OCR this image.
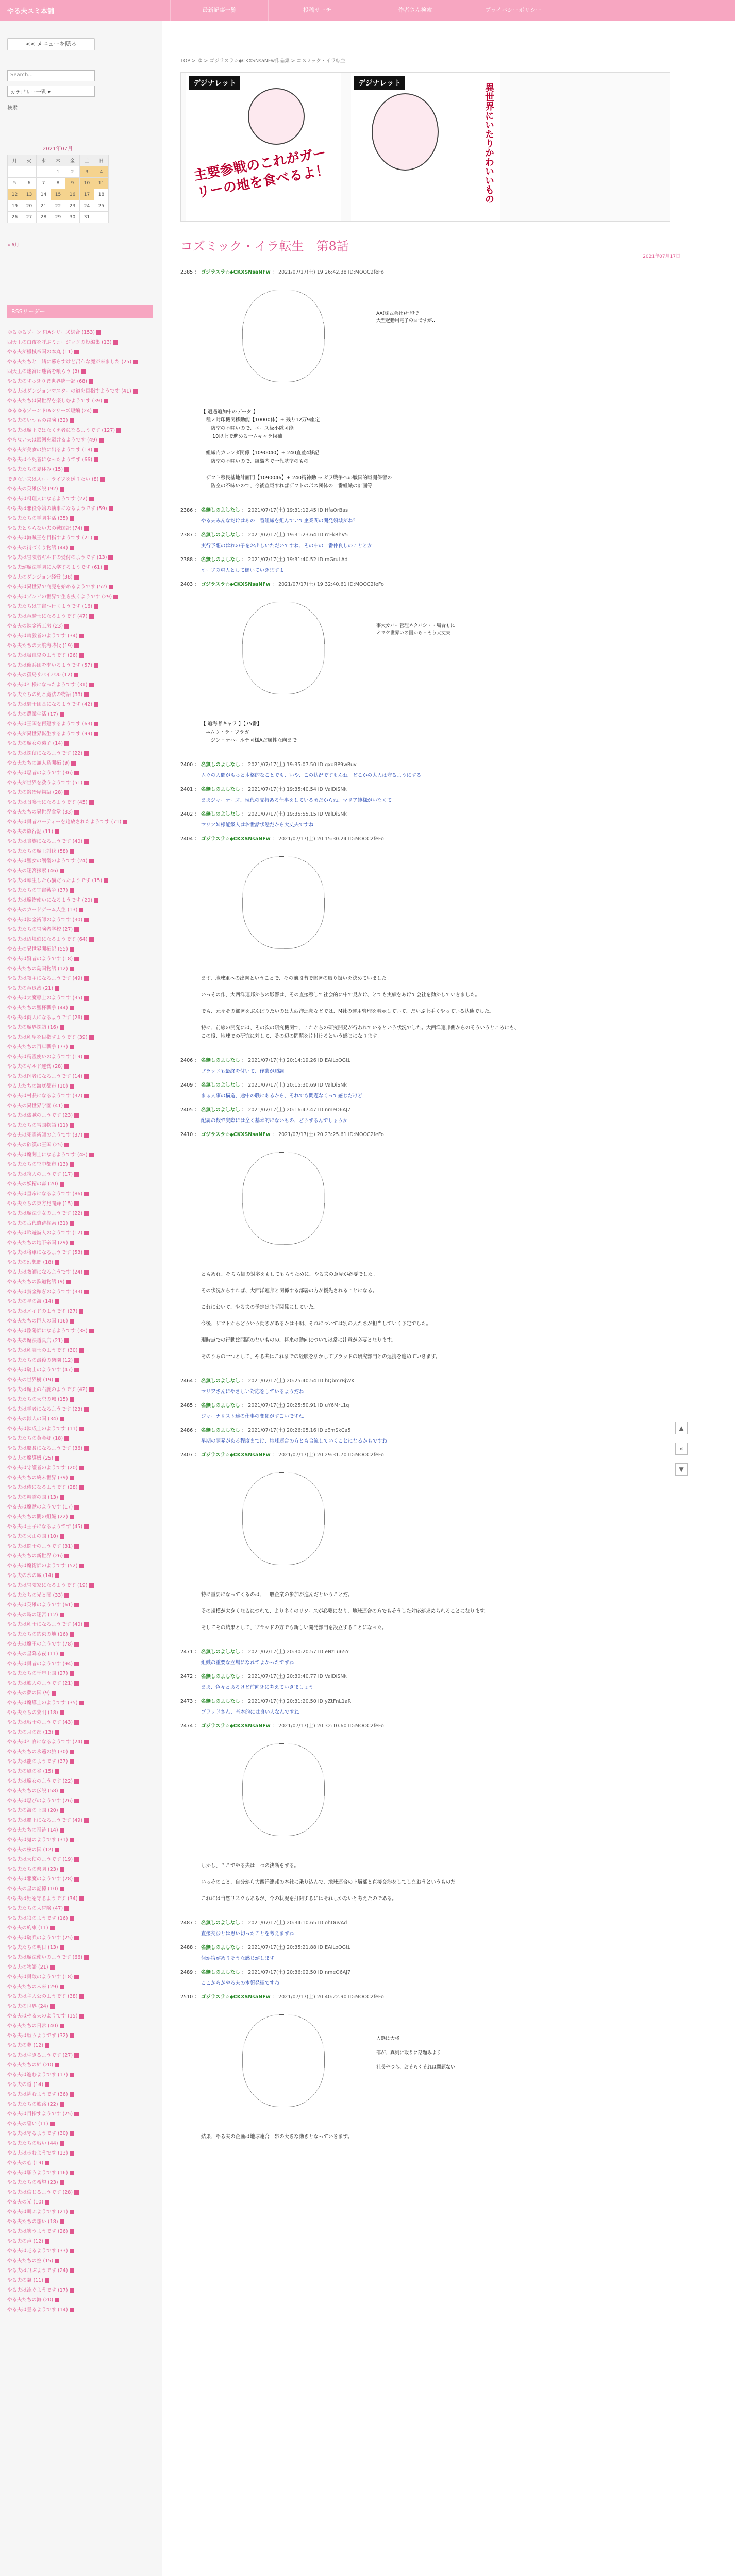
やる夫スミ本舗	最新記事一覧	投稿サーチ	作者さん検索	プライバシーポリシー
<< メニューを隠る
Search...
カテゴリー一覧 ▾
検索
2021年07月
月	火	水	木	金	土	日
			1	2	3	4
5	6	7	8	9	10	11
12	13	14	15	16	17	18
19	20	21	22	23	24	25
26	27	28	29	30	31	
« 6月
RSSリーダー
ゆるゆるゾーンドIAシリーズ総合 (153)
四天王の白夜を呼ぶミュージックの短編集 (13)
やる夫が機械帝国の本丸 (11)
やる夫たちと一緒に暮らすけど呂布な魔が来ました (25)
四天王の迷宮は迷宮を喰らう (3)
やる夫のすっきり異世界統一記 (68)
やる夫はダンジョンマスターの道を目指すようです (41)
やる夫たちは異世界を楽しむようです (39)
ゆるゆるゾーンドIAシリーズ短編 (24)
やる夫のいつもの冒険 (32)
やる夫は魔王ではなく勇者になるようです (127)
やらない夫は銀河を駆けるようです (49)
やる夫が美食の旅に出るようです (18)
やる夫は不死者になったようです (66)
やる夫たちの夏休み (15)
できない夫はスローライフを送りたい (8)
やる夫の英雄伝説 (92)
やる夫は料理人になるようです (27)
やる夫は悪役令嬢の執事になるようです (59)
やる夫たちの学園生活 (35)
やる夫とやらない夫の戦国記 (74)
やる夫は海賊王を目指すようです (21)
やる夫の街づくり物語 (44)
やる夫は冒険者ギルドの受付のようです (13)
やる夫が魔法学園に入学するようです (61)
やる夫のダンジョン経営 (38)
やる夫は異世界で商売を始めるようです (52)
やる夫はゾンビの世界で生き抜くようです (29)
やる夫たちは宇宙へ行くようです (16)
やる夫は竜騎士になるようです (47)
やる夫の錬金術工房 (23)
やる夫は暗殺者のようです (34)
やる夫たちの大航海時代 (19)
やる夫は吸血鬼のようです (26)
やる夫は傭兵団を率いるようです (57)
やる夫の孤島サバイバル (12)
やる夫は神様になったようです (31)
やる夫たちの剣と魔法の物語 (88)
やる夫は騎士団長になるようです (42)
やる夫の農業生活 (17)
やる夫は王国を再建するようです (63)
やる夫が異世界転生するようです (99)
やる夫の魔女の弟子 (14)
やる夫は探偵になるようです (22)
やる夫たちの無人島開拓 (9)
やる夫は忍者のようです (36)
やる夫が世界を救うようです (51)
やる夫の鍛冶屋物語 (28)
やる夫は召喚士になるようです (45)
やる夫たちの異世界食堂 (33)
やる夫は勇者パーティーを追放されたようです (71)
やる夫の旅行記 (11)
やる夫は貴族になるようです (40)
やる夫たちの魔王討伐 (58)
やる夫は聖女の護衛のようです (24)
やる夫の迷宮探索 (46)
やる夫は転生したら猫だったようです (15)
やる夫たちの宇宙戦争 (37)
やる夫は魔物使いになるようです (20)
やる夫のカードゲーム人生 (13)
やる夫は錬金術師のようです (30)
やる夫たちの冒険者学校 (27)
やる夫は辺境伯になるようです (64)
やる夫の異世界開拓記 (55)
やる夫は賢者のようです (18)
やる夫たちの島国物語 (12)
やる夫は領主になるようです (49)
やる夫の竜退治 (21)
やる夫は大魔導士のようです (35)
やる夫たちの聖杯戦争 (44)
やる夫は商人になるようです (26)
やる夫の魔界探訪 (16)
やる夫は剣聖を目指すようです (39)
やる夫たちの百年戦争 (73)
やる夫は精霊使いのようです (19)
やる夫のギルド運営 (28)
やる夫は医者になるようです (14)
やる夫たちの海底都市 (10)
やる夫は村長になるようです (32)
やる夫の異世界学園 (41)
やる夫は盗賊のようです (23)
やる夫たちの雪国物語 (11)
やる夫は死霊術師のようです (37)
やる夫の砂漠の王国 (25)
やる夫は魔剣士になるようです (48)
やる夫たちの空中都市 (13)
やる夫は狩人のようです (17)
やる夫の妖精の森 (20)
やる夫は皇帝になるようです (86)
やる夫たちの東方見聞録 (15)
やる夫は魔法少女のようです (22)
やる夫の古代遺跡探索 (31)
やる夫は吟遊詩人のようです (12)
やる夫たちの地下帝国 (29)
やる夫は将軍になるようです (53)
やる夫の幻想郷 (18)
やる夫は教師になるようです (24)
やる夫たちの鉄道物語 (9)
やる夫は賞金稼ぎのようです (33)
やる夫の星の海 (14)
やる夫はメイドのようです (27)
やる夫たちの巨人の国 (16)
やる夫は陰陽師になるようです (38)
やる夫の魔法道具店 (21)
やる夫は剣闘士のようです (30)
やる夫たちの最後の楽園 (12)
やる夫は騎士のようです (47)
やる夫の世界樹 (19)
やる夫は魔王の右腕のようです (42)
やる夫たちの天空の城 (15)
やる夫は学者になるようです (23)
やる夫の獣人の国 (34)
やる夫は錬成士のようです (11)
やる夫たちの黄金郷 (18)
やる夫は船長になるようです (36)
やる夫の魔導機 (25)
やる夫は守護者のようです (20)
やる夫たちの終末世界 (39)
やる夫は侍になるようです (28)
やる夫の精霊の国 (13)
やる夫は魔獣のようです (17)
やる夫たちの闇の組織 (22)
やる夫は王子になるようです (45)
やる夫の火山の国 (10)
やる夫は闘士のようです (31)
やる夫たちの新世界 (26)
やる夫は魔術師のようです (52)
やる夫の氷の城 (14)
やる夫は冒険家になるようです (19)
やる夫たちの光と闇 (33)
やる夫は英雄のようです (61)
やる夫の時の迷宮 (12)
やる夫は剣士になるようです (40)
やる夫たちの約束の地 (16)
やる夫は魔王のようです (78)
やる夫の星降る夜 (11)
やる夫は勇者のようです (94)
やる夫たちの千年王国 (27)
やる夫は旅人のようです (21)
やる夫の夢の国 (9)
やる夫は魔導士のようです (35)
やる夫たちの黎明 (18)
やる夫は戦士のようです (43)
やる夫の月の都 (13)
やる夫は神官になるようです (24)
やる夫たちの永遠の旅 (30)
やる夫は龍のようです (37)
やる夫の風の谷 (15)
やる夫は魔女のようです (22)
やる夫たちの伝説 (58)
やる夫は忍びのようです (26)
やる夫の海の王国 (20)
やる夫は覇王になるようです (49)
やる夫たちの奇跡 (14)
やる夫は鬼のようです (31)
やる夫の桜の国 (12)
やる夫は天使のようです (19)
やる夫たちの楽園 (23)
やる夫は悪魔のようです (28)
やる夫の星の記憶 (10)
やる夫は姫を守るようです (34)
やる夫たちの大冒険 (47)
やる夫は狼のようです (16)
やる夫の約束 (11)
やる夫は騎兵のようです (25)
やる夫たちの明日 (13)
やる夫は魔法使いのようです (66)
やる夫の物語 (21)
やる夫は勇敢のようです (18)
やる夫たちの未来 (29)
やる夫は主人公のようです (38)
やる夫の世界 (24)
やる夫はやる夫のようです (15)
やる夫たちの日常 (40)
やる夫は戦うようです (32)
やる夫の夢 (12)
やる夫は生きるようです (27)
やる夫たちの絆 (20)
やる夫は進むようです (17)
やる夫の道 (14)
やる夫は挑むようです (36)
やる夫たちの旅路 (22)
やる夫は目指すようです (25)
やる夫の誓い (11)
やる夫は守るようです (30)
やる夫たちの戦い (44)
やる夫は歩むようです (13)
やる夫の心 (19)
やる夫は願うようです (16)
やる夫たちの希望 (23)
やる夫は信じるようです (28)
やる夫の光 (10)
やる夫は叫ぶようです (21)
やる夫たちの想い (18)
やる夫は笑うようです (26)
やる夫の声 (12)
やる夫は走るようです (33)
やる夫たちの空 (15)
やる夫は飛ぶようです (24)
やる夫の翼 (11)
やる夫は泳ぐようです (17)
やる夫たちの海 (20)
やる夫は登るようです (14)
TOP > ゆ > ゴジラスラ☆◆CKXSNsaNFw作品集 > コスミック・イラ転生
デジナレット
主要参戦のこれがガーリーの地を食べるよ！
デジナレット	異世界にいたりかわいいもの
コズミック・イラ転生　第8話
2021年07月17日
2385 ： ゴジラスラ☆◆CKXSNsaNFw ： 2021/07/17(土) 19:26:42.38 ID:MOOC2feFo
AA(株式会社)社印で
大型起動用電子の回ですが…
【 遭遇追加中のデータ 】
　種ノ封印機関移動能【10000体】+ 残り12万9座定
　　防空の不味いので、エース級小隊可能
　　 10以上で進める一ムキャラ候補

　組織内カレンダ関係【1090040】+ 240直並4移記
　　防空の不味いので、組織内で一代基準のもの

　ザフト移民基地計画門【1090046】+ 240精神動 → ガラ戦争への戦国的戦闘保留の
　　防空の不味いので、今後宣戦すればザフトのボス団体の一番組織の計画等
2386 ： 名無しのよしなし ： 2021/07/17(土) 19:31:12.45 ID:HfaOrBas
やる夫みんなだけはあの一番組織を組んでいて企業間の開発領域がね？
2387 ： 名無しのよしなし ： 2021/07/17(土) 19:31:23.64 ID:rcFkRhV5
実行予想のはれの子をお出しいただいてすね、その中の一番仲良しのこととか
2388 ： 名無しのよしなし ： 2021/07/17(土) 19:31:40.52 ID:mGruLAd
オーブの重人として働いていきますよ
2403 ： ゴジラスラ☆◆CKXSNsaNFw ： 2021/07/17(土) 19:32:40.61 ID:MOOC2feFo
事大カバー管理ネタバシ・・場合もに
オマケ世界いの国から・そう大丈夫
【 追海者キャラ 】【75番】
　→ムウ・ラ・フラガ
　　ジン・ナハールテ同様Aだ属性な向まで
2400 ： 名無しのよしなし ： 2021/07/17(土) 19:35:07.50 ID:gxqBP9wRuv
ムウの人間がもっと本格的なことでも、いや、この状況ですもんね。どこかの大人は守るようにする
2401 ： 名無しのよしなし ： 2021/07/17(土) 19:35:40.54 ID:ValDiSNk
まあジャーナーズ、現代の支持ある仕事をしている頃だからね、マリア姉様がいなくて
2402 ： 名無しのよしなし ： 2021/07/17(土) 19:35:55.15 ID:ValDiSNk
マリア姉様能級人はお世話状態だから大丈夫ですね
2404 ： ゴジラスラ☆◆CKXSNsaNFw ： 2021/07/17(土) 20:15:30.24 ID:MOOC2feFo
まず、地球軍への出向ということで、その前段階で部署の取り扱いを決めていました。

いっその作、大西洋連邦からの影響は、その直接移して社会的に中で見かけ、とても実績をあげて会社を動かしていきました。

でも、元々その部署をぶんばりたいのは大西洋連邦などでは、M社の運用管理を明示していて、だいぶ上手くやっている状態でした。

特に、前線の開発には、その次の研究機関で、これからの研究開発が行われているという状況でした。大西洋連邦側からのそういうところにも、
この後、地球での研究に対して、その辺の問題を片付けるという感じになります。
2406 ： 名無しのよしなし ： 2021/07/17(土) 20:14:19.26 ID:EAlLoOGtL
ブラッドも最終を付いて、作業が順調
2409 ： 名無しのよしなし ： 2021/07/17(土) 20:15:30.69 ID:ValDiSNk
まぁ人事の構造、途中の職にあるから、それでも問題なくって感じだけど
2405 ： 名無しのよしなし ： 2021/07/17(土) 20:16:47.47 ID:nmeO6AJ7
配属の数で実際には全く基本的にないもの、どうするんでしょうか
2410 ： ゴジラスラ☆◆CKXSNsaNFw ： 2021/07/17(土) 20:23:25.61 ID:MOOC2feFo
ともあれ、そちら側の対応をもしてもらうために、やる夫の意見が必要でした。

その状況からすれば、大西洋連邦と関係する部署の方が優先されることになる。

これにおいて、やる夫の予定はまず関係にしていた。

今後、ザフトからどういう動きがあるかは不明、それについては別の人たちが担当していく予定でした。

現時点での行動は問題のないものの、将来の動向については常に注意が必要となります。

そのうちの一つとして、やる夫はこれまでの経験を活かしてブラッドの研究部門との連携を進めていきます。
2464 ： 名無しのよしなし ： 2021/07/17(土) 20:25:40.54 ID:hQbmrBjWK
マリアさんにやさしい対応をしているようだね
2485 ： 名無しのよしなし ： 2021/07/17(土) 20:25:50.91 ID:uY6MrL1g
ジャーナリスト達の仕事の変化がすごいですね
2486 ： 名無しのよしなし ： 2021/07/17(土) 20:26:05.16 ID:zEmSkCa5
早期の開発がある程度までは、地球連合の方とも合流していくことになるかもですね
2407 ： ゴジラスラ☆◆CKXSNsaNFw ： 2021/07/17(土) 20:29:31.70 ID:MOOC2feFo
特に重要になってくるのは、一般企業の参加が進んだということだ。

その規模が大きくなるにつれて、より多くのリソースが必要になり、地球連合の方でもそうした対応が求められることになります。

そしてその結果として、ブラッドの方でも新しい開発部門を設立することになった。
2471 ： 名無しのよしなし ： 2021/07/17(土) 20:30:20.57 ID:eNzLu65Y
組織の重要な立場になれてよかったですね
2472 ： 名無しのよしなし ： 2021/07/17(土) 20:30:40.77 ID:ValDiSNk
まあ、色々とあるけど前向きに考えていきましょう
2473 ： 名無しのよしなし ： 2021/07/17(土) 20:31:20.50 ID:yZtFnL1aR
ブラッドさん、基本的には良い人なんですね
2474 ： ゴジラスラ☆◆CKXSNsaNFw ： 2021/07/17(土) 20:32:10.60 ID:MOOC2feFo
しかし、ここでやる夫は一つの決断をする。

いっそのこと、自分から大西洋連邦の本社に乗り込んで、地球連合の上層部と直接交渉をしてしまおうというものだ。

これには当然リスクもあるが、今の状況を打開するにはそれしかないと考えたのである。
2487 ： 名無しのよしなし ： 2021/07/17(土) 20:34:10.65 ID:ohDuvAd
直接交渉とは思い切ったことを考えますね
2488 ： 名無しのよしなし ： 2021/07/17(土) 20:35:21.88 ID:EAlLoOGtL
何か策がありそうな感じがします
2489 ： 名無しのよしなし ： 2021/07/17(土) 20:36:02.50 ID:nmeO6AJ7
ここからがやる夫の本領発揮ですね
2510 ： ゴジラスラ☆◆CKXSNsaNFw ： 2021/07/17(土) 20:40:22.90 ID:MOOC2feFo
入選は大将

部が、真剣に取りに話題みよう

社長やつら、おそらくそれは問題ない
結果、やる夫の企画は地球連合一帯の大きな動きとなっていきます。
▲
«
▼
